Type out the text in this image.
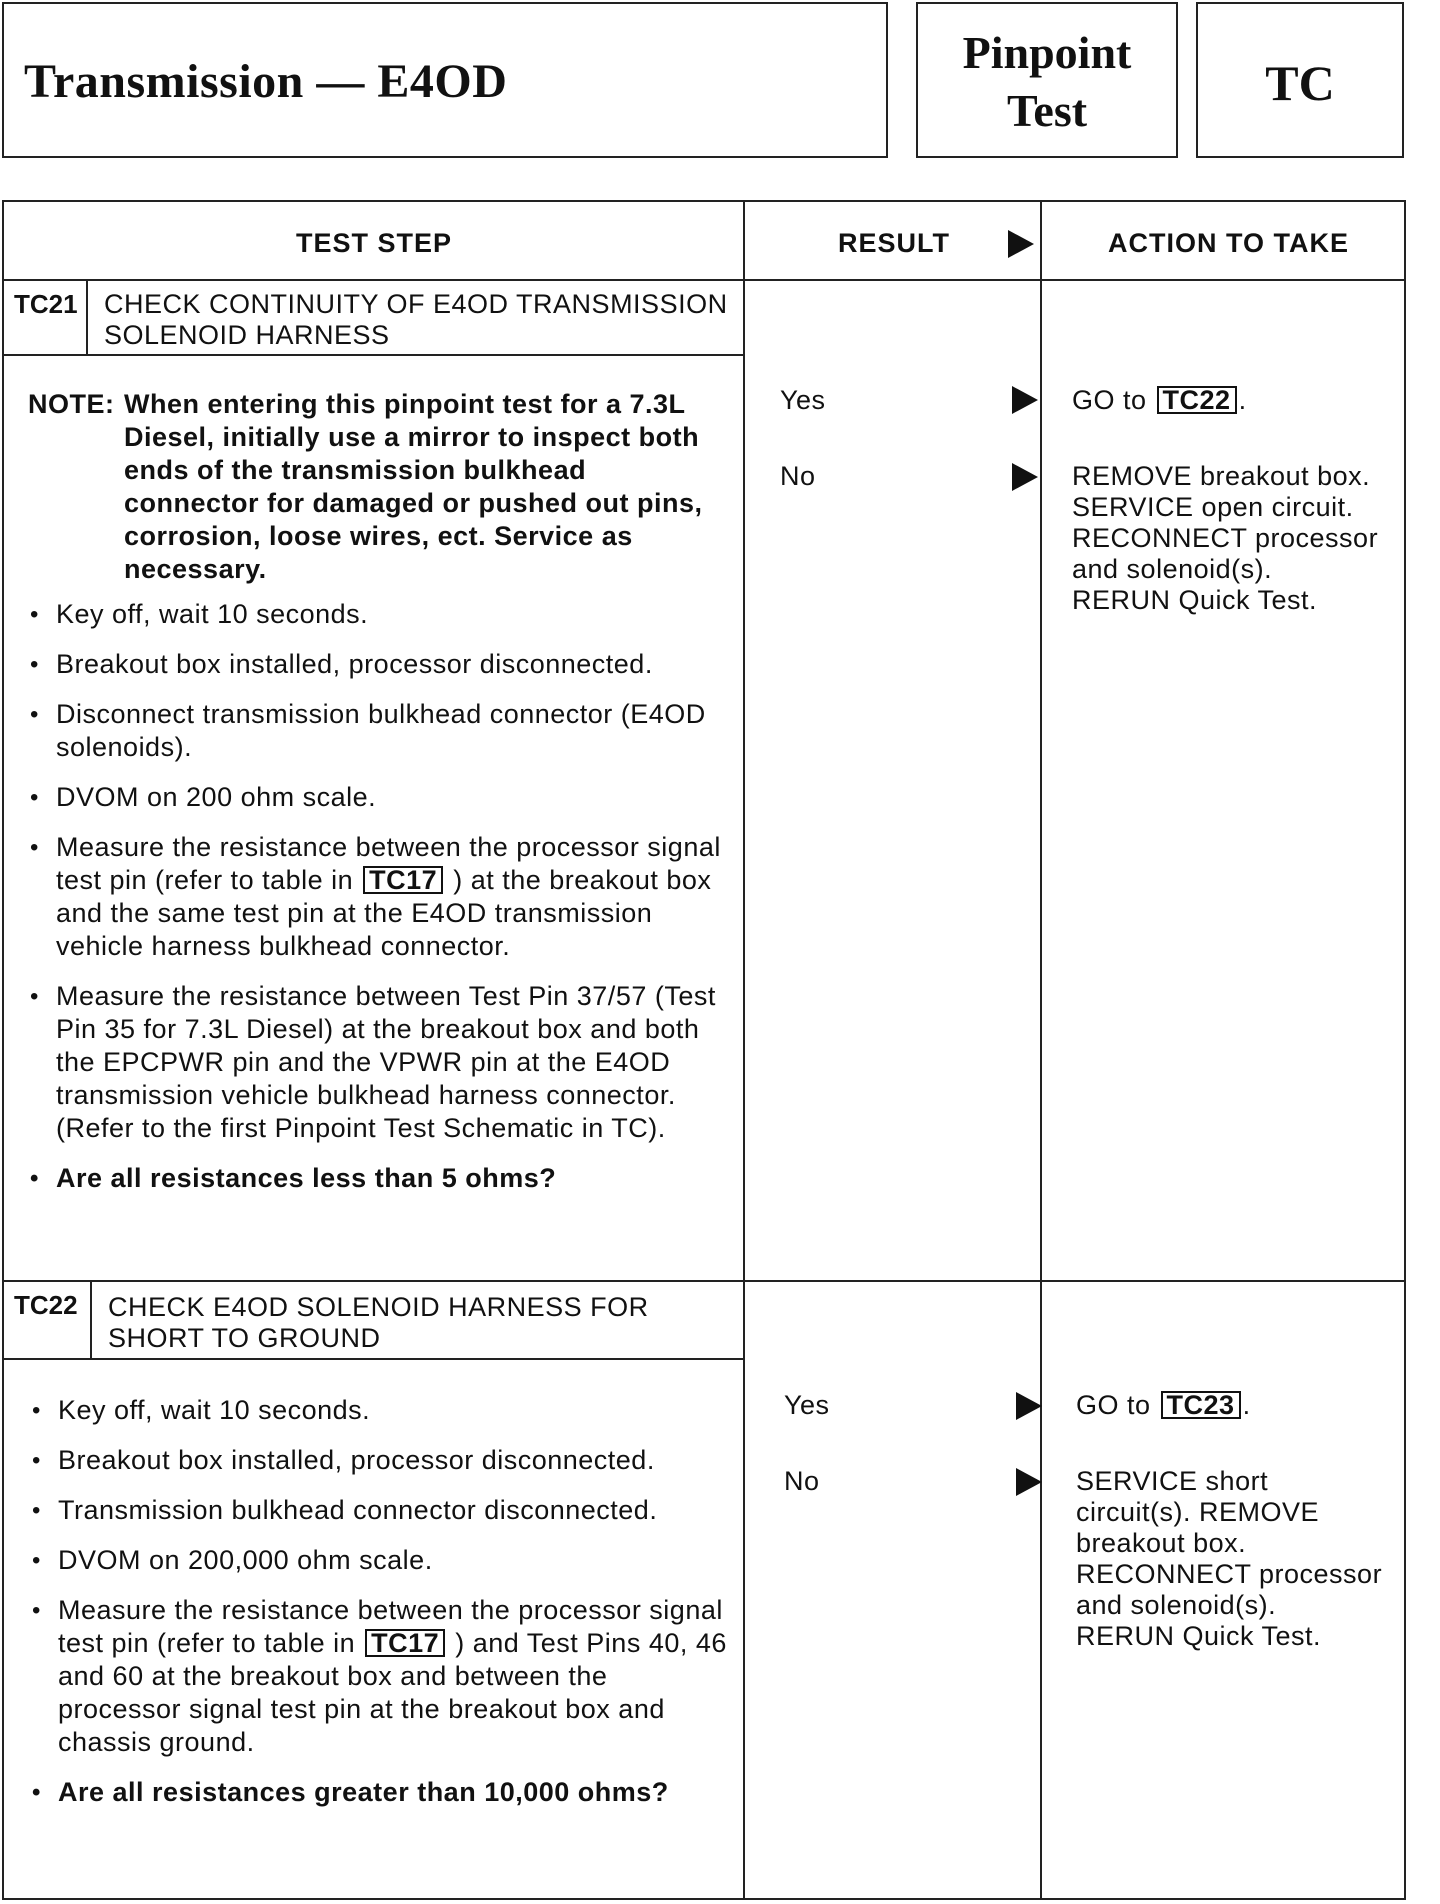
Transmission — E4OD
Pinpoint Test	TC
TEST STEP	RESULT	ACTION TO TAKE
TC21 CHECK CONTINUITY OF E4OD TRANSMISSION
SOLENOID HARNESS
NOTE: When entering this pinpoint test for a 7.3L Diesel, initially use a mirror to inspect both ends of the transmission bulkhead connector for damaged or pushed out pins, corrosion, loose wires, ect. Service as necessary.
• Key off, wait 10 seconds.
• Breakout box installed, processor disconnected.
• Disconnect transmission bulkhead connector (E4OD solenoids).
• DVOM on 200 ohm scale.
• Measure the resistance between the processor signal test pin (refer to table in TC17 ) at the breakout box and the same test pin at the E4OD transmission vehicle harness bulkhead connector.
• Measure the resistance between Test Pin 37/57 (Test Pin 35 for 7.3L Diesel) at the breakout box and both the EPCPWR pin and the VPWR pin at the E4OD transmission vehicle bulkhead harness connector. (Refer to the first Pinpoint Test Schematic in TC).
• Are all resistances less than 5 ohms?
Yes	GO to TC22 .
No	REMOVE breakout box.
SERVICE open circuit.
RECONNECT processor
and solenoid(s).
RERUN Quick Test.
TC22	CHECK E4OD SOLENOID HARNESS FOR
SHORT TO GROUND
• Key off, wait 10 seconds.
• Breakout box installed, processor disconnected.
• Transmission bulkhead connector disconnected.
• DVOM on 200,000 ohm scale.
• Measure the resistance between the processor signal test pin (refer to table in TC17 ) and Test Pins 40, 46 and 60 at the breakout box and between the processor signal test pin at the breakout box and chassis ground.
• Are all resistances greater than 10,000 ohms?
Yes	GO to TC23 .
No	SERVICE short
circuit(s). REMOVE
breakout box.
RECONNECT processor
and solenoid(s).
RERUN Quick Test.
